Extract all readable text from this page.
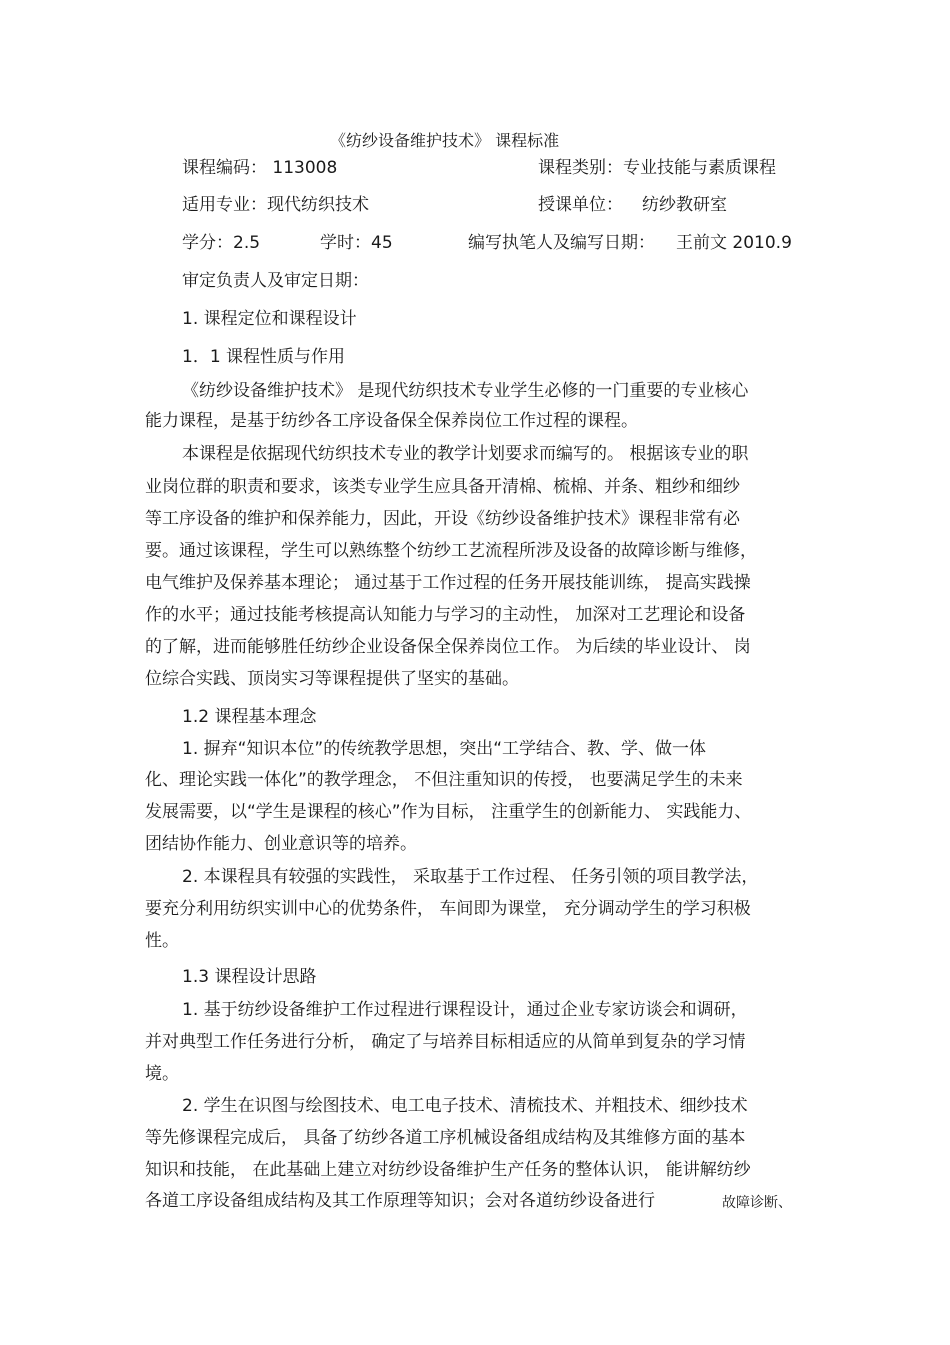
《纺纱设备维护技术》 课程标准
课程编码： 113008	课程类别：专业技能与素质课程
适用专业：现代纺织技术	授课单位： 纺纱教研室
学分：2.5	学时：45	编写执笔人及编写日期： 王前文 2010.9
审定负责人及审定日期：
1. 课程定位和课程设计
1．1 课程性质与作用
《纺纱设备维护技术》 是现代纺织技术专业学生必修的一门重要的专业核心
能力课程，是基于纺纱各工序设备保全保养岗位工作过程的课程。
本课程是依据现代纺织技术专业的教学计划要求而编写的。 根据该专业的职
业岗位群的职责和要求，该类专业学生应具备开清棉、梳棉、并条、粗纱和细纱
等工序设备的维护和保养能力，因此，开设《纺纱设备维护技术》课程非常有必
要。通过该课程，学生可以熟练整个纺纱工艺流程所涉及设备的故障诊断与维修，
电气维护及保养基本理论； 通过基于工作过程的任务开展技能训练， 提高实践操
作的水平；通过技能考核提高认知能力与学习的主动性， 加深对工艺理论和设备
的了解，进而能够胜任纺纱企业设备保全保养岗位工作。 为后续的毕业设计、 岗
位综合实践、顶岗实习等课程提供了坚实的基础。
1.2 课程基本理念
1. 摒弃“知识本位”的传统教学思想，突出“工学结合、教、学、做一体
化、理论实践一体化”的教学理念， 不但注重知识的传授， 也要满足学生的未来
发展需要，以“学生是课程的核心”作为目标， 注重学生的创新能力、 实践能力、
团结协作能力、创业意识等的培养。
2. 本课程具有较强的实践性， 采取基于工作过程、 任务引领的项目教学法，
要充分利用纺织实训中心的优势条件， 车间即为课堂， 充分调动学生的学习积极
性。
1.3 课程设计思路
1. 基于纺纱设备维护工作过程进行课程设计，通过企业专家访谈会和调研，
并对典型工作任务进行分析， 确定了与培养目标相适应的从简单到复杂的学习情
境。
2. 学生在识图与绘图技术、电工电子技术、清梳技术、并粗技术、细纱技术
等先修课程完成后， 具备了纺纱各道工序机械设备组成结构及其维修方面的基本
知识和技能， 在此基础上建立对纺纱设备维护生产任务的整体认识， 能讲解纺纱
各道工序设备组成结构及其工作原理等知识；会对各道纺纱设备进行	故障诊断、
